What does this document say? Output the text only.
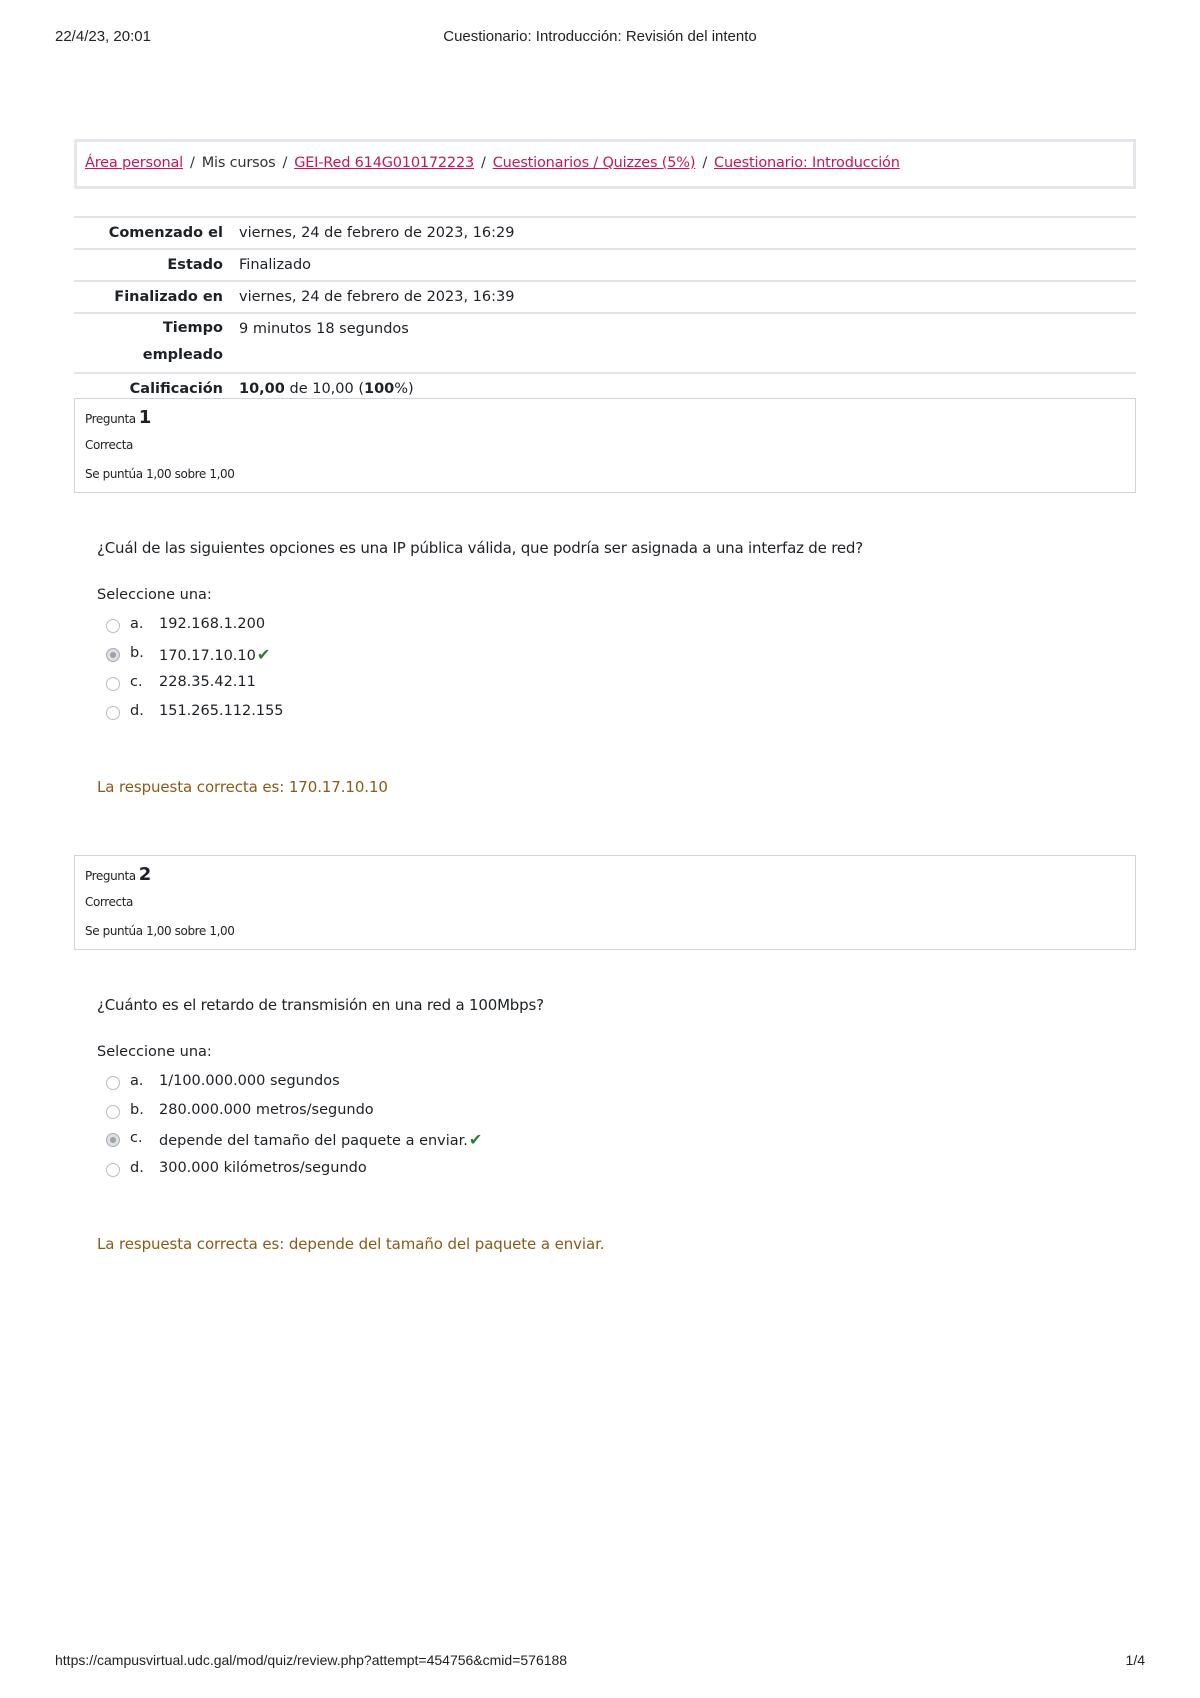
22/4/23, 20:01	Cuestionario: Introducción: Revisión del intento
Área personal / Mis cursos / GEI-Red 614G010172223 / Cuestionarios / Quizzes (5%) / Cuestionario: Introducción
Comenzado el	viernes, 24 de febrero de 2023, 16:29
Estado	Finalizado
Finalizado en	viernes, 24 de febrero de 2023, 16:39
Tiempo
empleado	9 minutos 18 segundos
Calificación	10,00 de 10,00 (100%)
Pregunta 1
Correcta
Se puntúa 1,00 sobre 1,00
¿Cuál de las siguientes opciones es una IP pública válida, que podría ser asignada a una interfaz de red?
Seleccione una:
a. 192.168.1.200
b. 170.17.10.10✔
c. 228.35.42.11
d. 151.265.112.155
La respuesta correcta es: 170.17.10.10
Pregunta 2
Correcta
Se puntúa 1,00 sobre 1,00
¿Cuánto es el retardo de transmisión en una red a 100Mbps?
Seleccione una:
a. 1/100.000.000 segundos
b. 280.000.000 metros/segundo
c. depende del tamaño del paquete a enviar.✔
d. 300.000 kilómetros/segundo
La respuesta correcta es: depende del tamaño del paquete a enviar.
https://campusvirtual.udc.gal/mod/quiz/review.php?attempt=454756&cmid=576188	1/4
